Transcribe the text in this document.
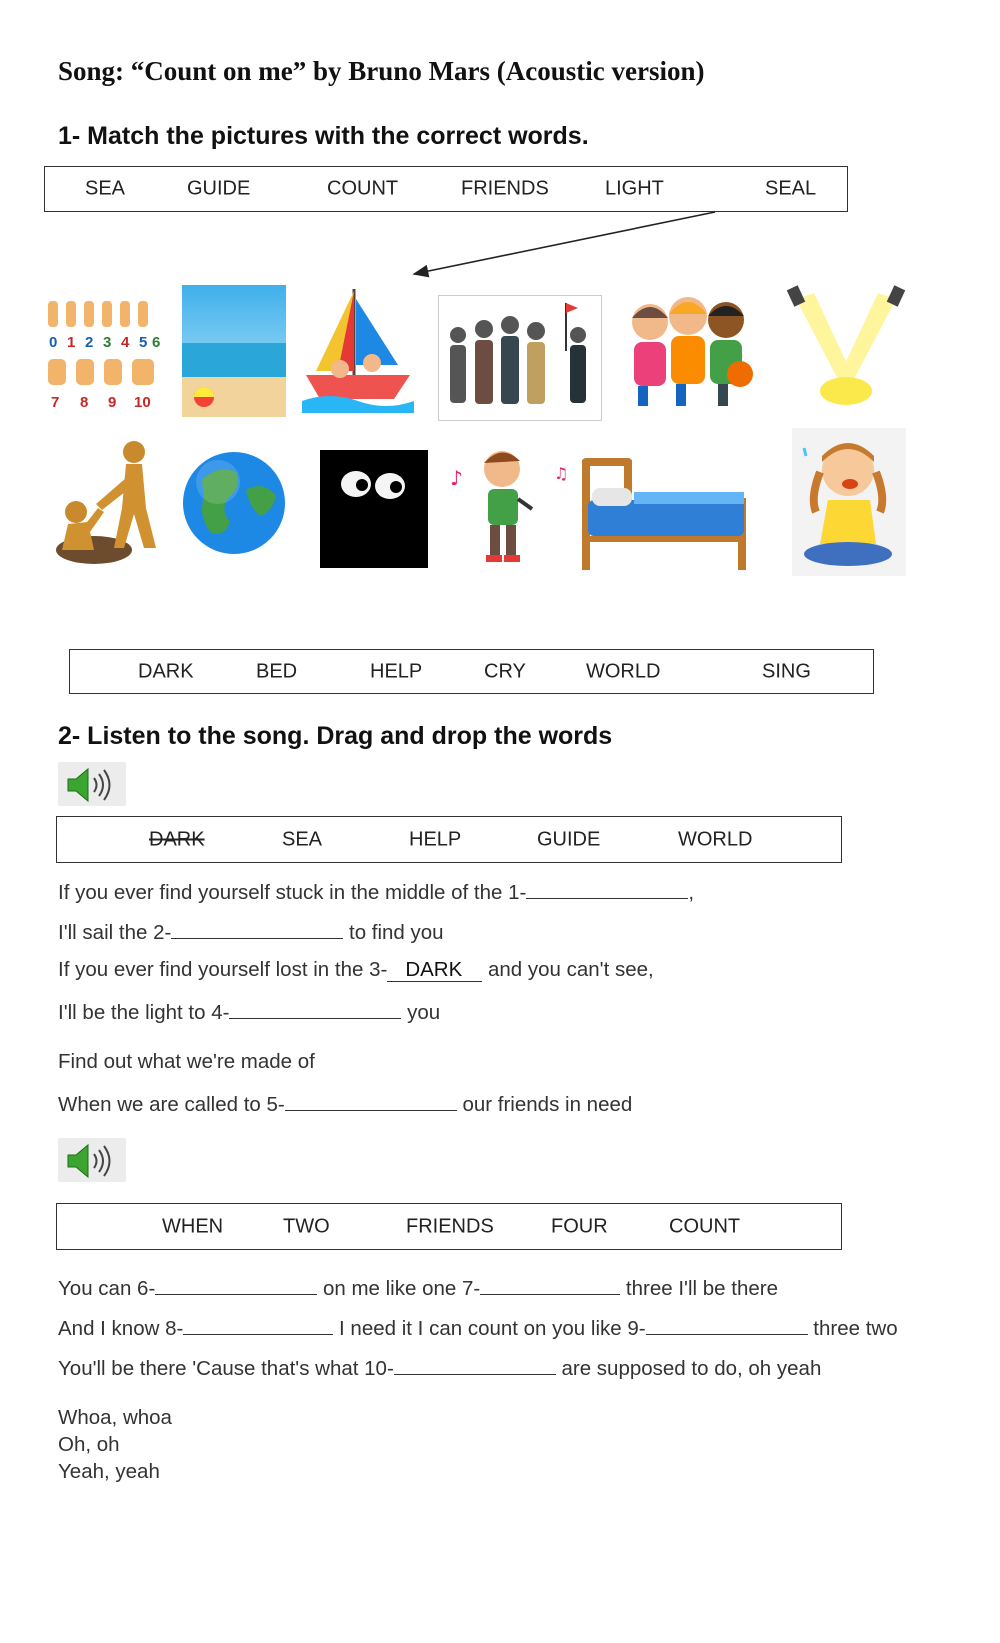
Song: “Count on me” by Bruno Mars (Acoustic version)
1- Match the pictures with the correct words.
SEA	GUIDE	COUNT	FRIENDS	LIGHT	SEAL
0 1 2 3 4 5 6
7 8 9 10
♪	♫
DARK	BED	HELP	CRY	WORLD	SING
2- Listen to the song. Drag and drop the words
DARK	SEA	HELP	GUIDE	WORLD
If you ever find yourself stuck in the middle of the 1-	,
I'll sail the 2-	to find you
If you ever find yourself lost in the 3- DARK and you can't see,
I'll be the light to 4-	you
Find out what we're made of
When we are called to 5-	our friends in need
WHEN	TWO	FRIENDS	FOUR	COUNT
You can 6-	on me like one 7-	three I'll be there
And I know 8-	I need it I can count on you like 9-	three two
You'll be there 'Cause that's what 10-	are supposed to do, oh yeah
Whoa, whoa
Oh, oh
Yeah, yeah
